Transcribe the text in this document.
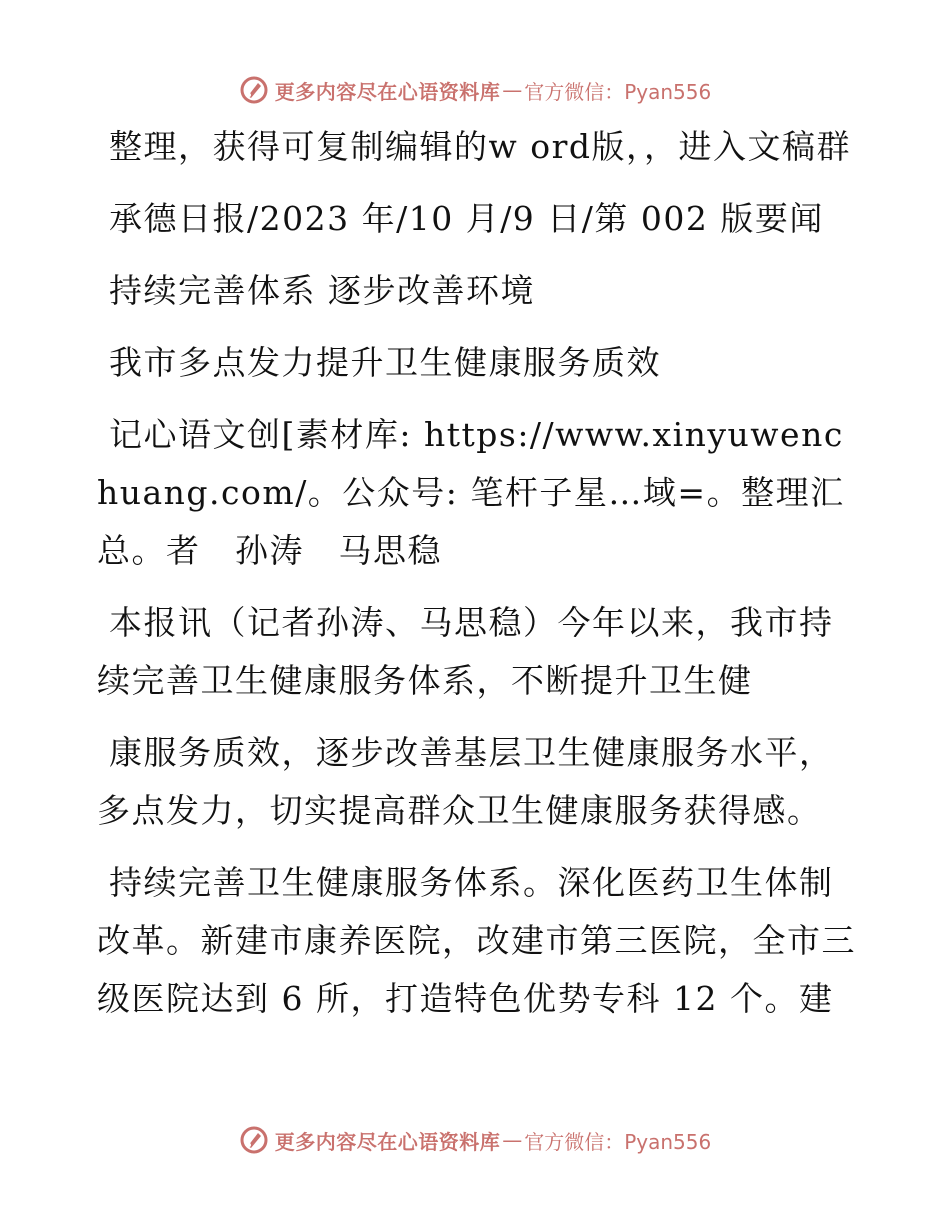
更多内容尽在心语资料库 — 官方微信：Pyan556

整理，获得可复制编辑的w ord版，，进入文稿群

承德日报/2023 年/10 月/9 日/第 002 版要闻

持续完善体系 逐步改善环境

我市多点发力提升卫生健康服务质效

记心语文创[素材库: https://www.xinyuwenchuang.com/。公众号: 笔杆子星…域=。整理汇总。者　孙涛　马思稳

本报讯（记者孙涛、马思稳）今年以来，我市持续完善卫生健康服务体系，不断提升卫生健

康服务质效，逐步改善基层卫生健康服务水平，多点发力，切实提高群众卫生健康服务获得感。

持续完善卫生健康服务体系。深化医药卫生体制改革。新建市康养医院，改建市第三医院，全市三级医院达到 6 所，打造特色优势专科 12 个。建

更多内容尽在心语资料库 — 官方微信：Pyan556
